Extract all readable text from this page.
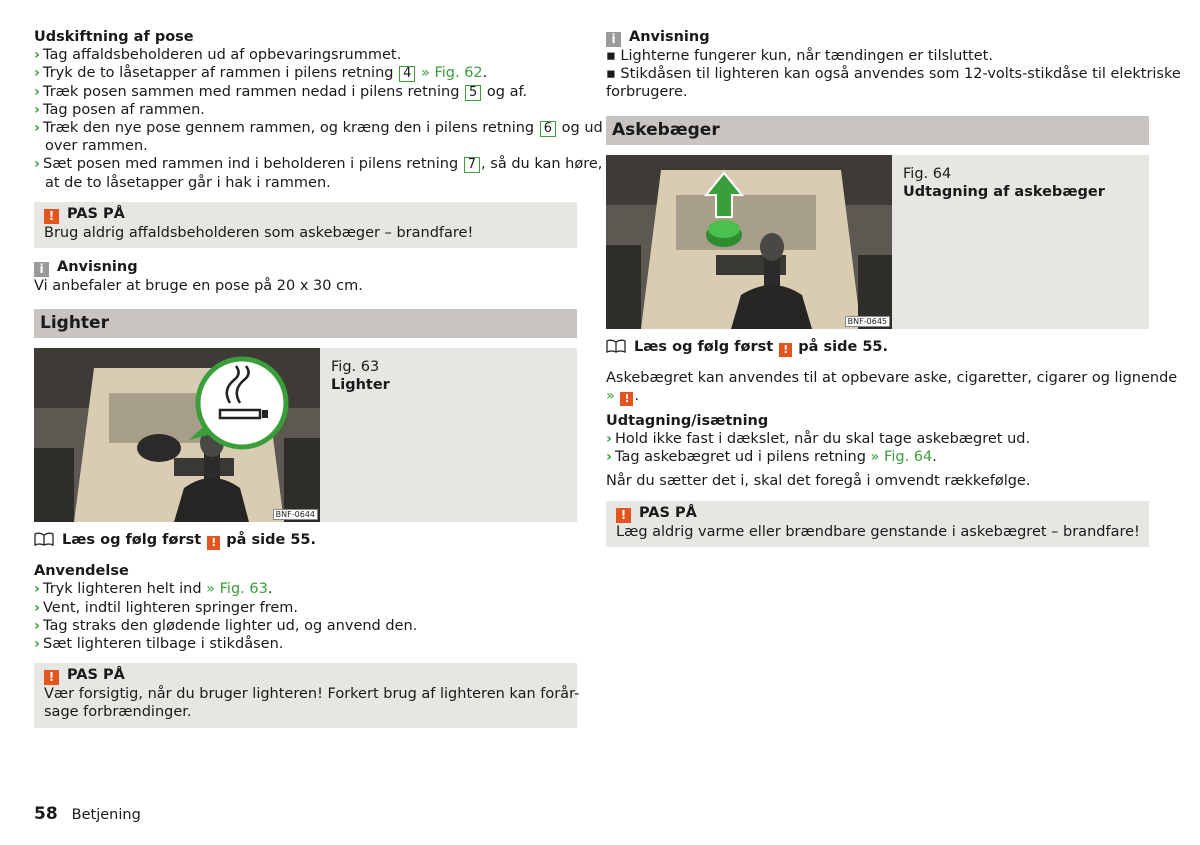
Udskiftning af pose
› Tag affaldsbeholderen ud af opbevaringsrummet.
› Tryk de to låsetapper af rammen i pilens retning 4 » Fig. 62.
› Træk posen sammen med rammen nedad i pilens retning 5 og af.
› Tag posen af rammen.
› Træk den nye pose gennem rammen, og kræng den i pilens retning 6 og ud
over rammen.
› Sæt posen med rammen ind i beholderen i pilens retning 7 , så du kan høre,
at de to låsetapper går i hak i rammen.
! PAS PÅ
Brug aldrig affaldsbeholderen som askebæger – brandfare!
i Anvisning
Vi anbefaler at bruge en pose på 20 x 30 cm.
Lighter
BNF-0644
Fig. 63
Lighter
Læs og følg først ! på side 55.
Anvendelse
› Tryk lighteren helt ind » Fig. 63.
› Vent, indtil lighteren springer frem.
› Tag straks den glødende lighter ud, og anvend den.
› Sæt lighteren tilbage i stikdåsen.
! PAS PÅ
Vær forsigtig, når du bruger lighteren! Forkert brug af lighteren kan forår-
sage forbrændinger.
i Anvisning
▪ Lighterne fungerer kun, når tændingen er tilsluttet.
▪ Stikdåsen til lighteren kan også anvendes som 12-volts-stikdåse til elektriske
forbrugere.
Askebæger
BNF-0645
Fig. 64
Udtagning af askebæger
Læs og følg først ! på side 55.
Askebægret kan anvendes til at opbevare aske, cigaretter, cigarer og lignende
» ! .
Udtagning/isætning
› Hold ikke fast i dækslet, når du skal tage askebægret ud.
› Tag askebægret ud i pilens retning » Fig. 64.
Når du sætter det i, skal det foregå i omvendt rækkefølge.
! PAS PÅ
Læg aldrig varme eller brændbare genstande i askebægret – brandfare!
58 Betjening
